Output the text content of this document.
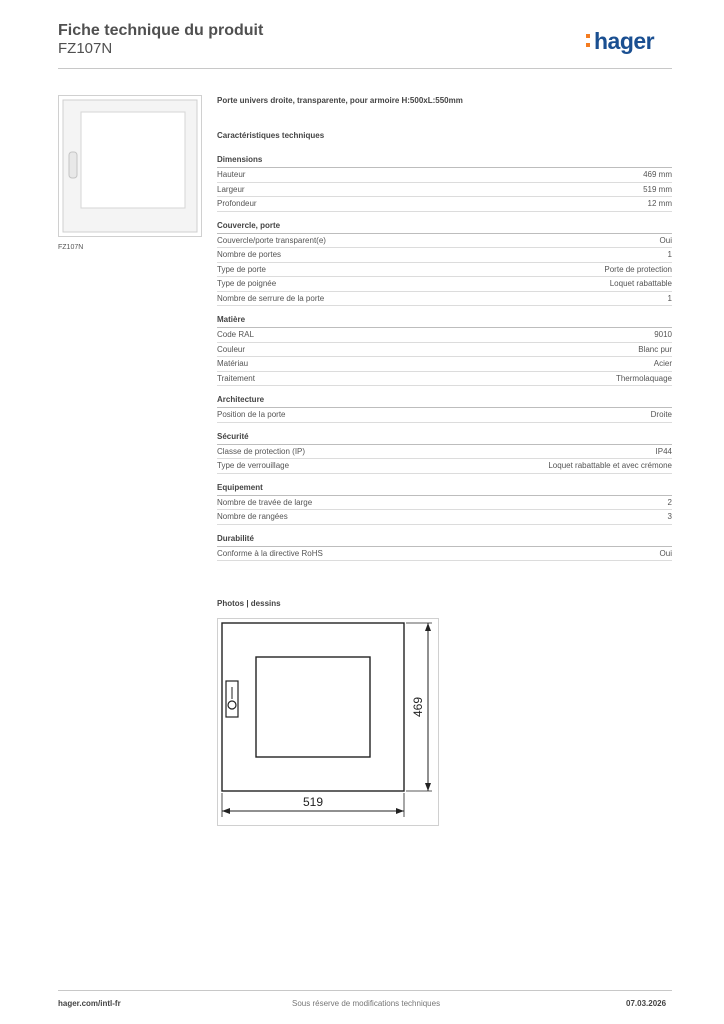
Fiche technique du produit
FZ107N	hager
FZ107N
Porte univers droite, transparente, pour armoire H:500xL:550mm
Caractéristiques techniques
Dimensions
Hauteur	469 mm
Largeur	519 mm
Profondeur	12 mm
Couvercle, porte
Couvercle/porte transparent(e)	Oui
Nombre de portes	1
Type de porte	Porte de protection
Type de poignée	Loquet rabattable
Nombre de serrure de la porte	1
Matière
Code RAL	9010
Couleur	Blanc pur
Matériau	Acier
Traitement	Thermolaquage
Architecture
Position de la porte	Droite
Sécurité
Classe de protection (IP)	IP44
Type de verrouillage	Loquet rabattable et avec crémone
Equipement
Nombre de travée de large	2
Nombre de rangées	3
Durabilité
Conforme à la directive RoHS	Oui
Photos | dessins
469
519
hager.com/intl-fr	Sous réserve de modifications techniques	07.03.2026
